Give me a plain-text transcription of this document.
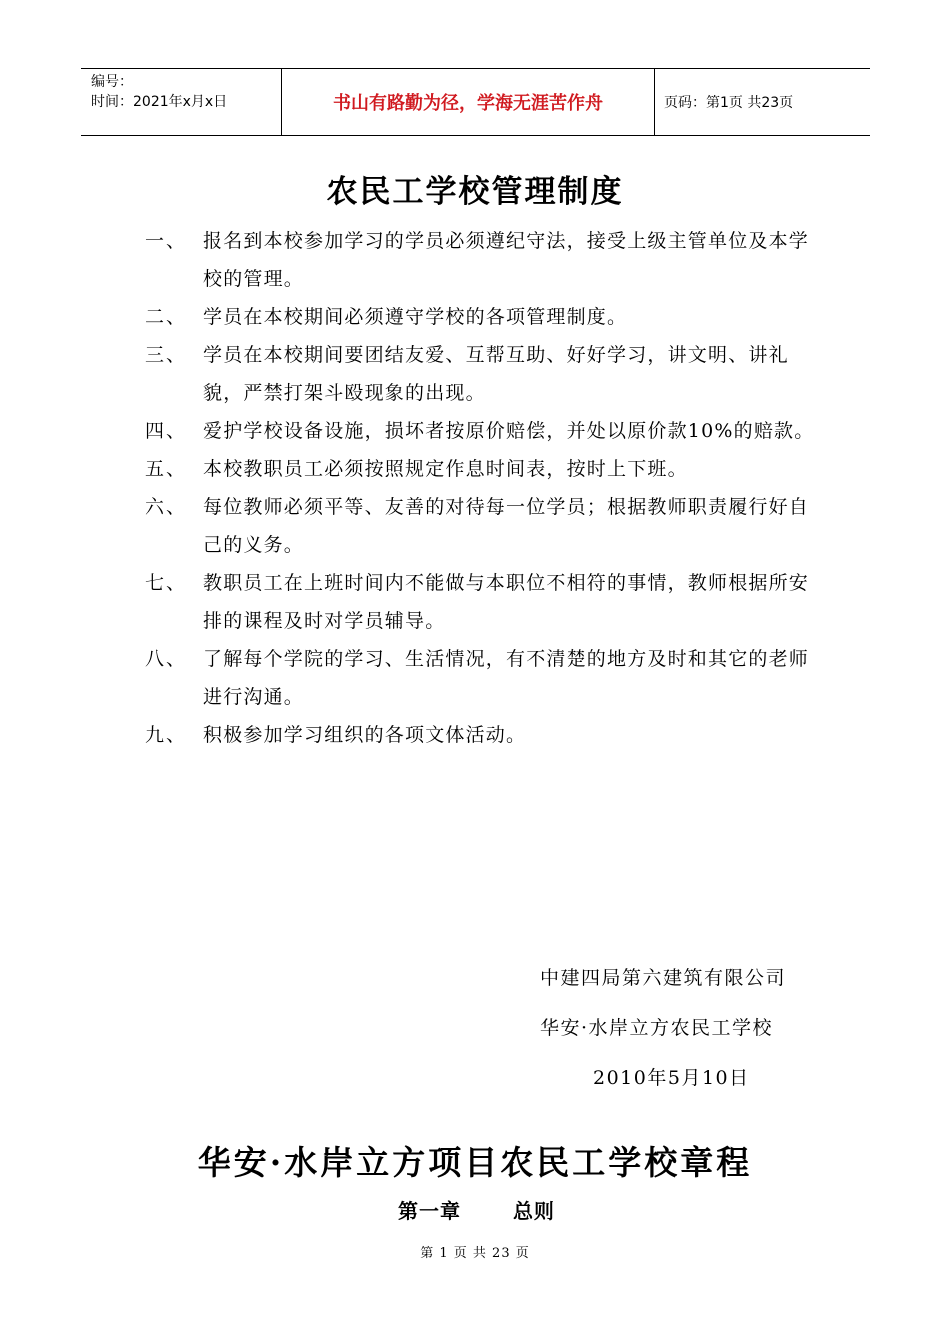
编号：
时间：2021年x月x日	书山有路勤为径，学海无涯苦作舟	页码：第1页 共23页
农民工学校管理制度
一、 报名到本校参加学习的学员必须遵纪守法，接受上级主管单位及本学校的管理。
二、 学员在本校期间必须遵守学校的各项管理制度。
三、 学员在本校期间要团结友爱、互帮互助、好好学习，讲文明、讲礼貌，严禁打架斗殴现象的出现。
四、 爱护学校设备设施，损坏者按原价赔偿，并处以原价款10%的赔款。
五、 本校教职员工必须按照规定作息时间表，按时上下班。
六、 每位教师必须平等、友善的对待每一位学员；根据教师职责履行好自己的义务。
七、 教职员工在上班时间内不能做与本职位不相符的事情，教师根据所安排的课程及时对学员辅导。
八、 了解每个学院的学习、生活情况，有不清楚的地方及时和其它的老师进行沟通。
九、 积极参加学习组织的各项文体活动。
中建四局第六建筑有限公司
华安·水岸立方农民工学校
2010年5月10日
华安·水岸立方项目农民工学校章程
第一章	总则
第 1 页 共 23 页
